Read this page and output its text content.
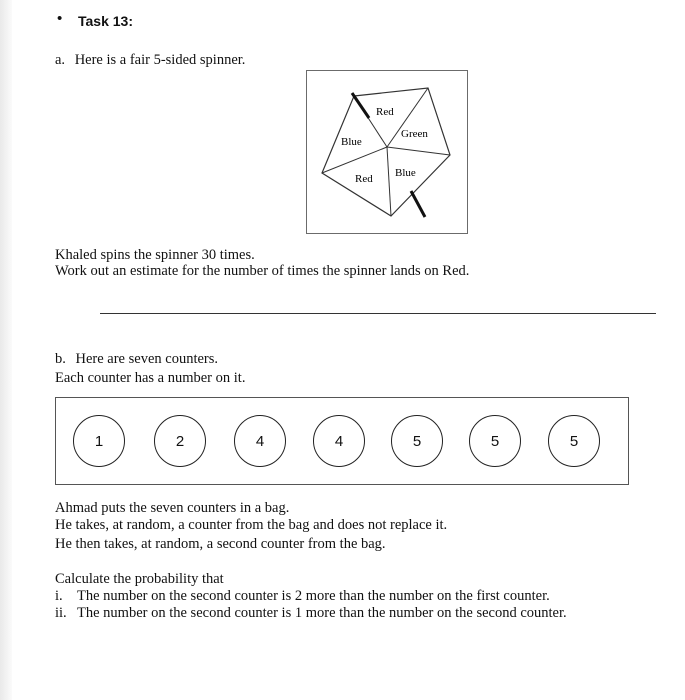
• Task 13:
a. Here is a fair 5-sided spinner.
Red
Green
Blue
Blue
Red
Khaled spins the spinner 30 times.
Work out an estimate for the number of times the spinner lands on Red.
b. Here are seven counters.
Each counter has a number on it.
1	2	4	4	5	5	5
Ahmad puts the seven counters in a bag.
He takes, at random, a counter from the bag and does not replace it.
He then takes, at random, a second counter from the bag.
Calculate the probability that
i. The number on the second counter is 2 more than the number on the first counter.
ii. The number on the second counter is 1 more than the number on the second counter.
